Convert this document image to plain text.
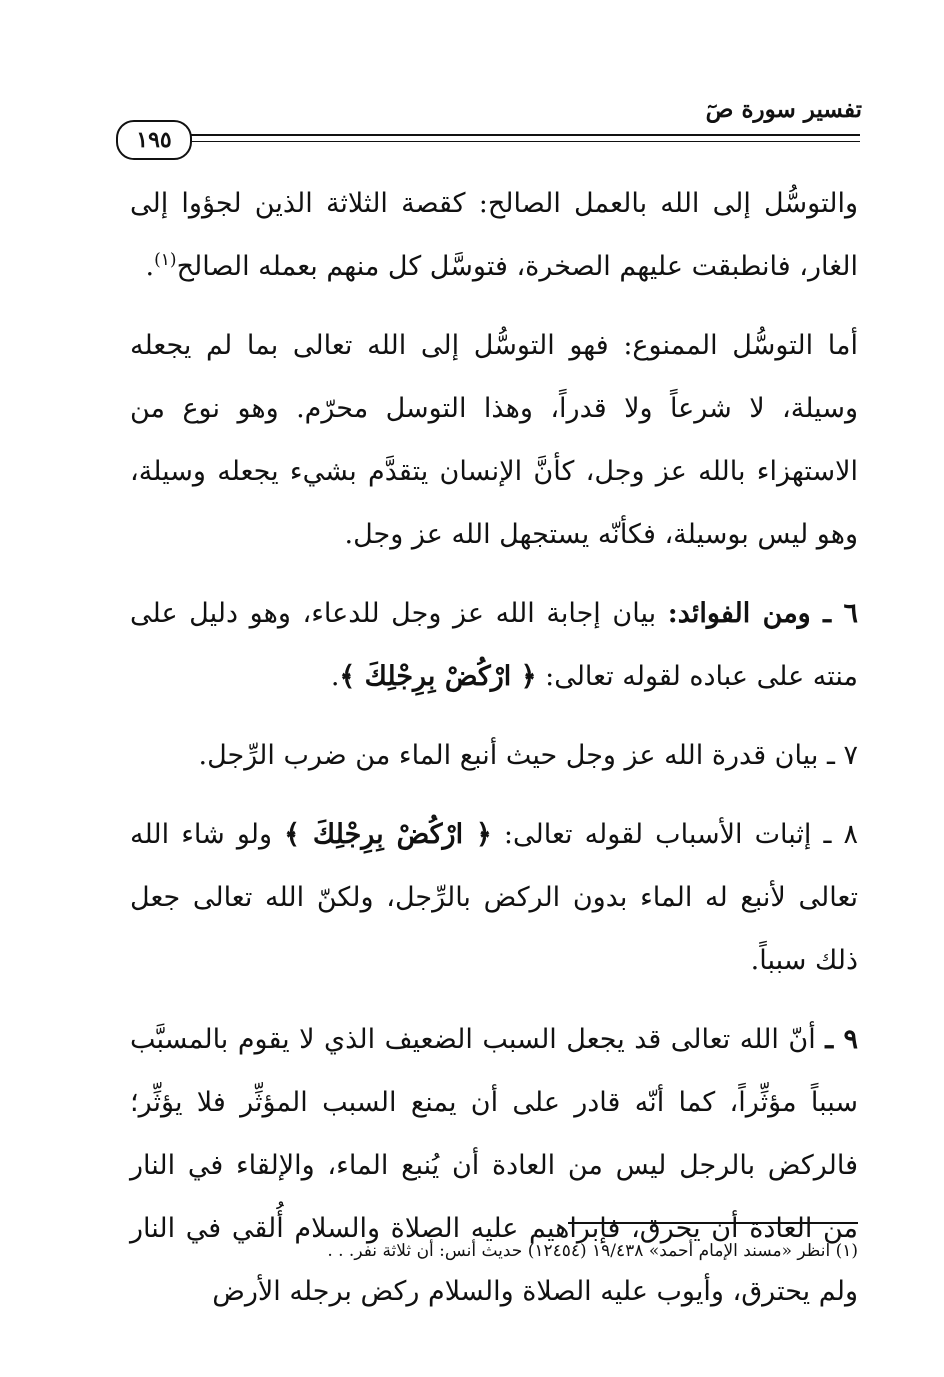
تفسير سورة صٓ
١٩٥

والتوسُّل إلى الله بالعمل الصالح: كقصة الثلاثة الذين لجؤوا إلى الغار، فانطبقت عليهم الصخرة، فتوسَّل كل منهم بعمله الصالح$^{(١)}$.

أما التوسُّل الممنوع: فهو التوسُّل إلى الله تعالى بما لم يجعله وسيلة، لا شرعاً ولا قدراً، وهذا التوسل محرّم. وهو نوع من الاستهزاء بالله عز وجل، كأنَّ الإنسان يتقدَّم بشيء يجعله وسيلة، وهو ليس بوسيلة، فكأنّه يستجهل الله عز وجل.

٦ ـ ومن الفوائد: بيان إجابة الله عز وجل للدعاء، وهو دليل على منته على عباده لقوله تعالى: ﴿ ارْكُضْ بِرِجْلِكَ ﴾.

٧ ـ بيان قدرة الله عز وجل حيث أنبع الماء من ضرب الرِّجل.

٨ ـ إثبات الأسباب لقوله تعالى: ﴿ ارْكُضْ بِرِجْلِكَ ﴾ ولو شاء الله تعالى لأنبع له الماء بدون الركض بالرِّجل، ولكنّ الله تعالى جعل ذلك سبباً.

٩ ـ أنّ الله تعالى قد يجعل السبب الضعيف الذي لا يقوم بالمسبَّب سبباً مؤثِّراً، كما أنّه قادر على أن يمنع السبب المؤثِّر فلا يؤثِّر؛ فالركض بالرجل ليس من العادة أن يُنبع الماء، والإلقاء في النار من العادة أن يحرق، فإبراهيم عليه الصلاة والسلام أُلقي في النار ولم يحترق، وأيوب عليه الصلاة والسلام ركض برجله الأرض

(١) انظر «مسند الإمام أحمد» ١٩/٤٣٨ (١٢٤٥٤) حديث أنس: أن ثلاثة نفر. . .
